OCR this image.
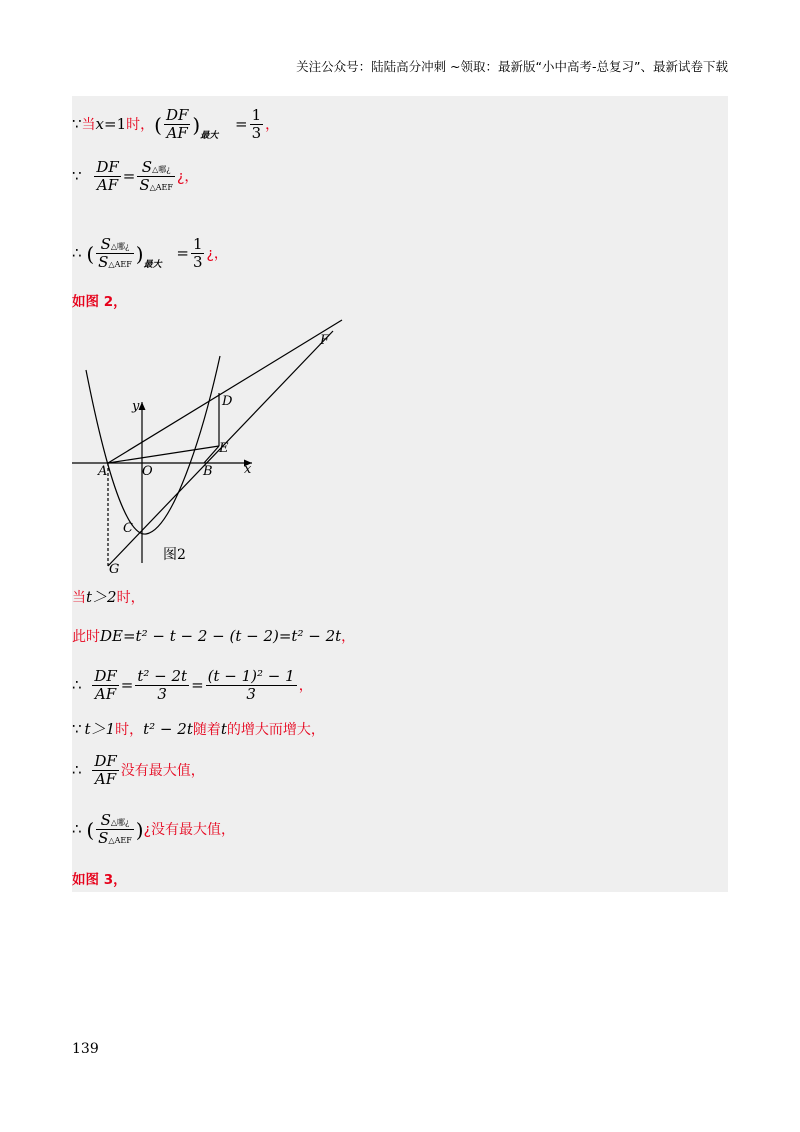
关注公众号：陆陆高分冲刺 ~领取：最新版“小中高考-总复习”、最新试卷下载
∵当x=1时，( $\frac{DF}{AF} )_{最大} = \frac{1}{3}$ ，
∵ $\frac{DF}{AF} = \frac{\text{S△哪¿}}{\text{S△AEF}}$ ¿，
∴ ( $\frac{\text{S△哪¿}}{\text{S△AEF}} )_{最大} = \frac{1}{3}$ ¿，
如图 2，
y
x
A	O	B
C
D
E
F
G
图2
当t＞2时，
此时DE=t² − t − 2 − (t − 2)=t² − 2t，
∴ $\frac{DF}{AF} = \frac{\text{t² − 2t}}{3} = \frac{\text{(t − 1)² − 1}}{3}$ ，
∵ t＞1时，t² − 2t随着t的增大而增大，
∴ $\frac{DF}{AF}$ 没有最大值，
∴ ( $\frac{\text{S△哪¿}}{\text{S△AEF}}$ )¿没有最大值，
如图 3，
139
